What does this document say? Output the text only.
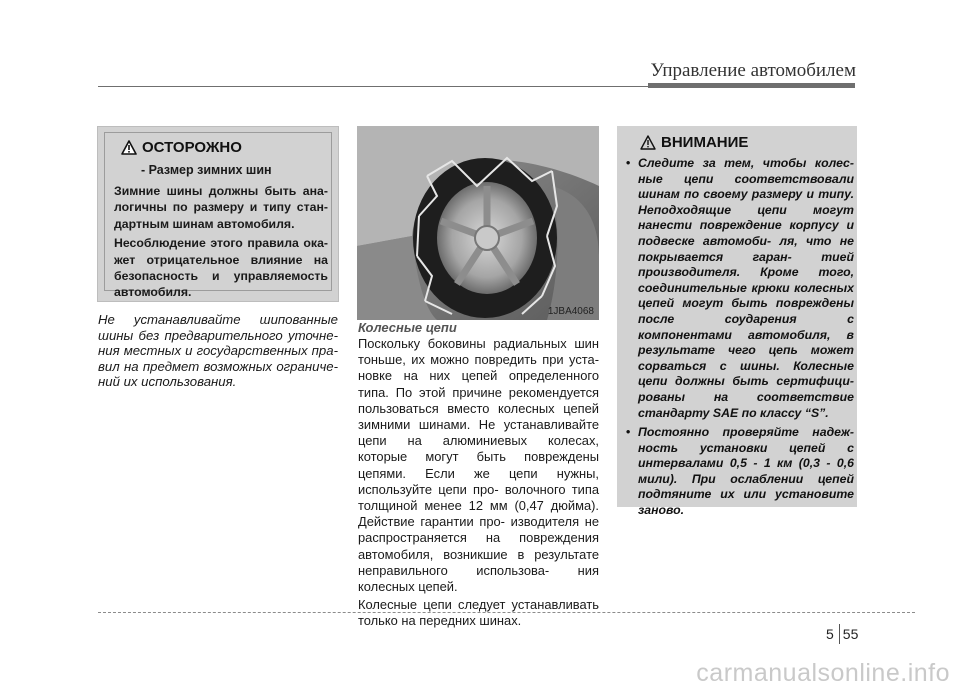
Управление автомобилем
ОСТОРОЖНО
- Размер зимних шин

Зимние шины должны быть ана- логичны по размеру и типу стан- дартным шинам автомобиля.

Несоблюдение этого правила ока- жет отрицательное влияние на безопасность и управляемость автомобиля.

Не устанавливайте шипованные шины без предварительного уточне- ния местных и государственных пра- вил на предмет возможных ограниче- ний их использования.

1JBA4068
Колесные цепи

Поскольку боковины радиальных шин тоньше, их можно повредить при уста- новке на них цепей определенного типа. По этой причине рекомендуется пользоваться вместо колесных цепей зимними шинами. Не устанавливайте цепи на алюминиевых колесах, которые могут быть повреждены цепями. Если же цепи нужны, используйте цепи про- волочного типа толщиной менее 12 мм (0,47 дюйма). Действие гарантии про- изводителя не распространяется на повреждения автомобиля, возникшие в результате неправильного использова- ния колесных цепей.

Колесные цепи следует устанавливать только на передних шинах.

ВНИМАНИЕ
• Следите за тем, чтобы колес- ные цепи соответствовали шинам по своему размеру и типу. Неподходящие цепи могут нанести повреждение корпусу и подвеске автомоби- ля, что не покрывается гаран- тией производителя. Кроме того, соединительные крюки колесных цепей могут быть повреждены после соударения с компонентами автомобиля, в результате чего цепь может сорваться с шины. Колесные цепи должны быть сертифици- рованы на соответствие стандарту SAE по классу “S”.
• Постоянно проверяйте надеж- ность установки цепей с интервалами 0,5 - 1 км (0,3 - 0,6 мили). При ослаблении цепей подтяните их или установите заново.
5 55
carmanualsonline.info
